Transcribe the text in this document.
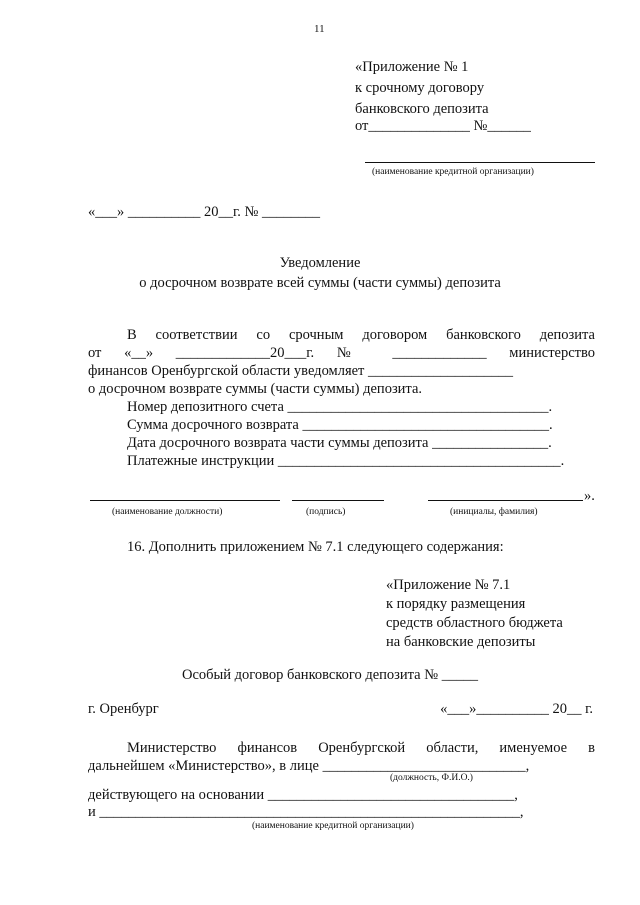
11
«Приложение № 1
к срочному договору
банковского депозита
от______________ №______
(наименование кредитной организации)
«___» __________ 20__г. № ________
Уведомление
о досрочном возврате всей суммы (части суммы) депозита
В соответствии со срочным договором банковского депозита
от «__» _____________20___г. № _____________ министерство
финансов Оренбургской области уведомляет ____________________
о досрочном возврате суммы (части суммы) депозита.
Номер депозитного счета ____________________________________.
Сумма досрочного возврата __________________________________.
Дата досрочного возврата части суммы депозита ________________.
Платежные инструкции _______________________________________.
».
(наименование должности)	(подпись)	(инициалы, фамилия)
16. Дополнить приложением № 7.1 следующего содержания:
«Приложение № 7.1
к порядку размещения
средств областного бюджета
на банковские депозиты
Особый договор банковского депозита № _____
г. Оренбург	«___»__________ 20__ г.
Министерство финансов Оренбургской области, именуемое в
дальнейшем «Министерство», в лице ____________________________,
(должность, Ф.И.О.)
действующего на основании __________________________________,
и __________________________________________________________,
(наименование кредитной организации)
